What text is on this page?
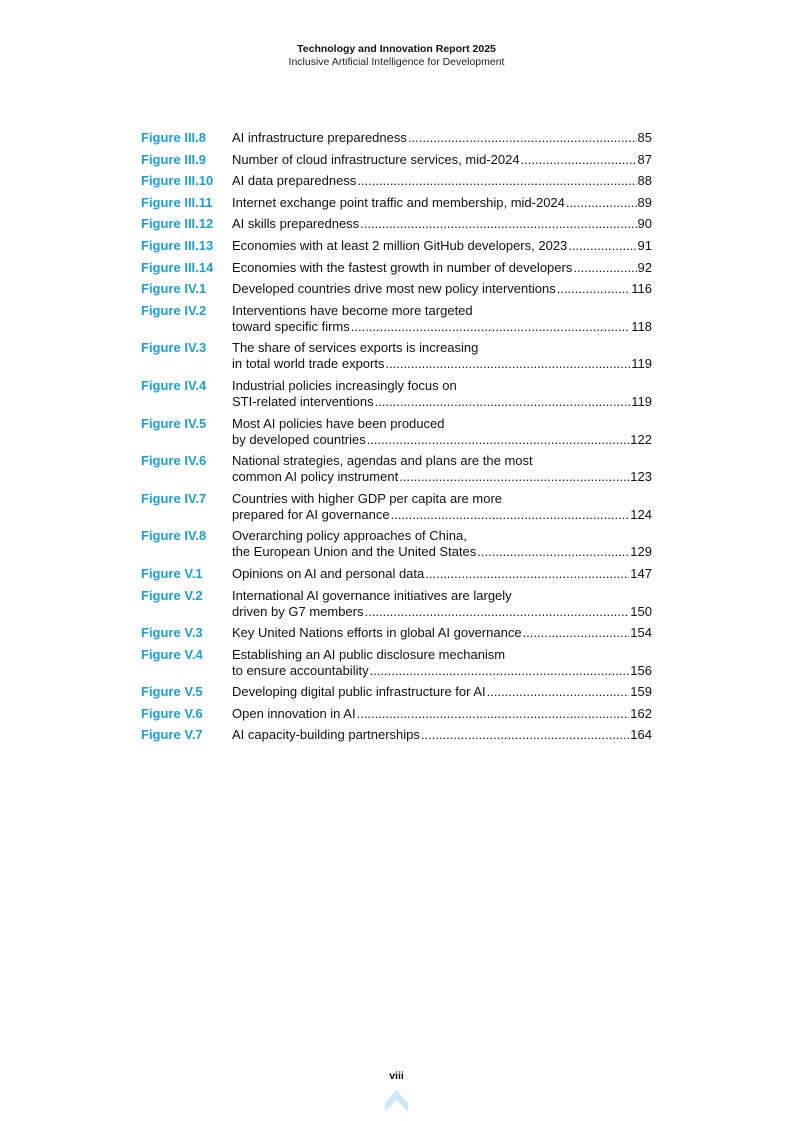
Technology and Innovation Report 2025
Inclusive Artificial Intelligence for Development
Figure III.8	AI infrastructure preparedness .....	85
Figure III.9	Number of cloud infrastructure services, mid-2024 .....	87
Figure III.10	AI data preparedness .....	88
Figure III.11	Internet exchange point traffic and membership, mid-2024 .....	89
Figure III.12	AI skills preparedness .....	90
Figure III.13	Economies with at least 2 million GitHub developers, 2023 .....	91
Figure III.14	Economies with the fastest growth in number of developers .....	92
Figure IV.1	Developed countries drive most new policy interventions .....	116
Figure IV.2	Interventions have become more targeted
toward specific firms .....	118
Figure IV.3	The share of services exports is increasing
in total world trade exports .....	119
Figure IV.4	Industrial policies increasingly focus on
STI-related interventions .....	119
Figure IV.5	Most AI policies have been produced
by developed countries .....	122
Figure IV.6	National strategies, agendas and plans are the most
common AI policy instrument .....	123
Figure IV.7	Countries with higher GDP per capita are more
prepared for AI governance .....	124
Figure IV.8	Overarching policy approaches of China,
the European Union and the United States .....	129
Figure V.1	Opinions on AI and personal data .....	147
Figure V.2	International AI governance initiatives are largely
driven by G7 members .....	150
Figure V.3	Key United Nations efforts in global AI governance .....	154
Figure V.4	Establishing an AI public disclosure mechanism
to ensure accountability .....	156
Figure V.5	Developing digital public infrastructure for AI .....	159
Figure V.6	Open innovation in AI .....	162
Figure V.7	AI capacity-building partnerships .....	164
viii
